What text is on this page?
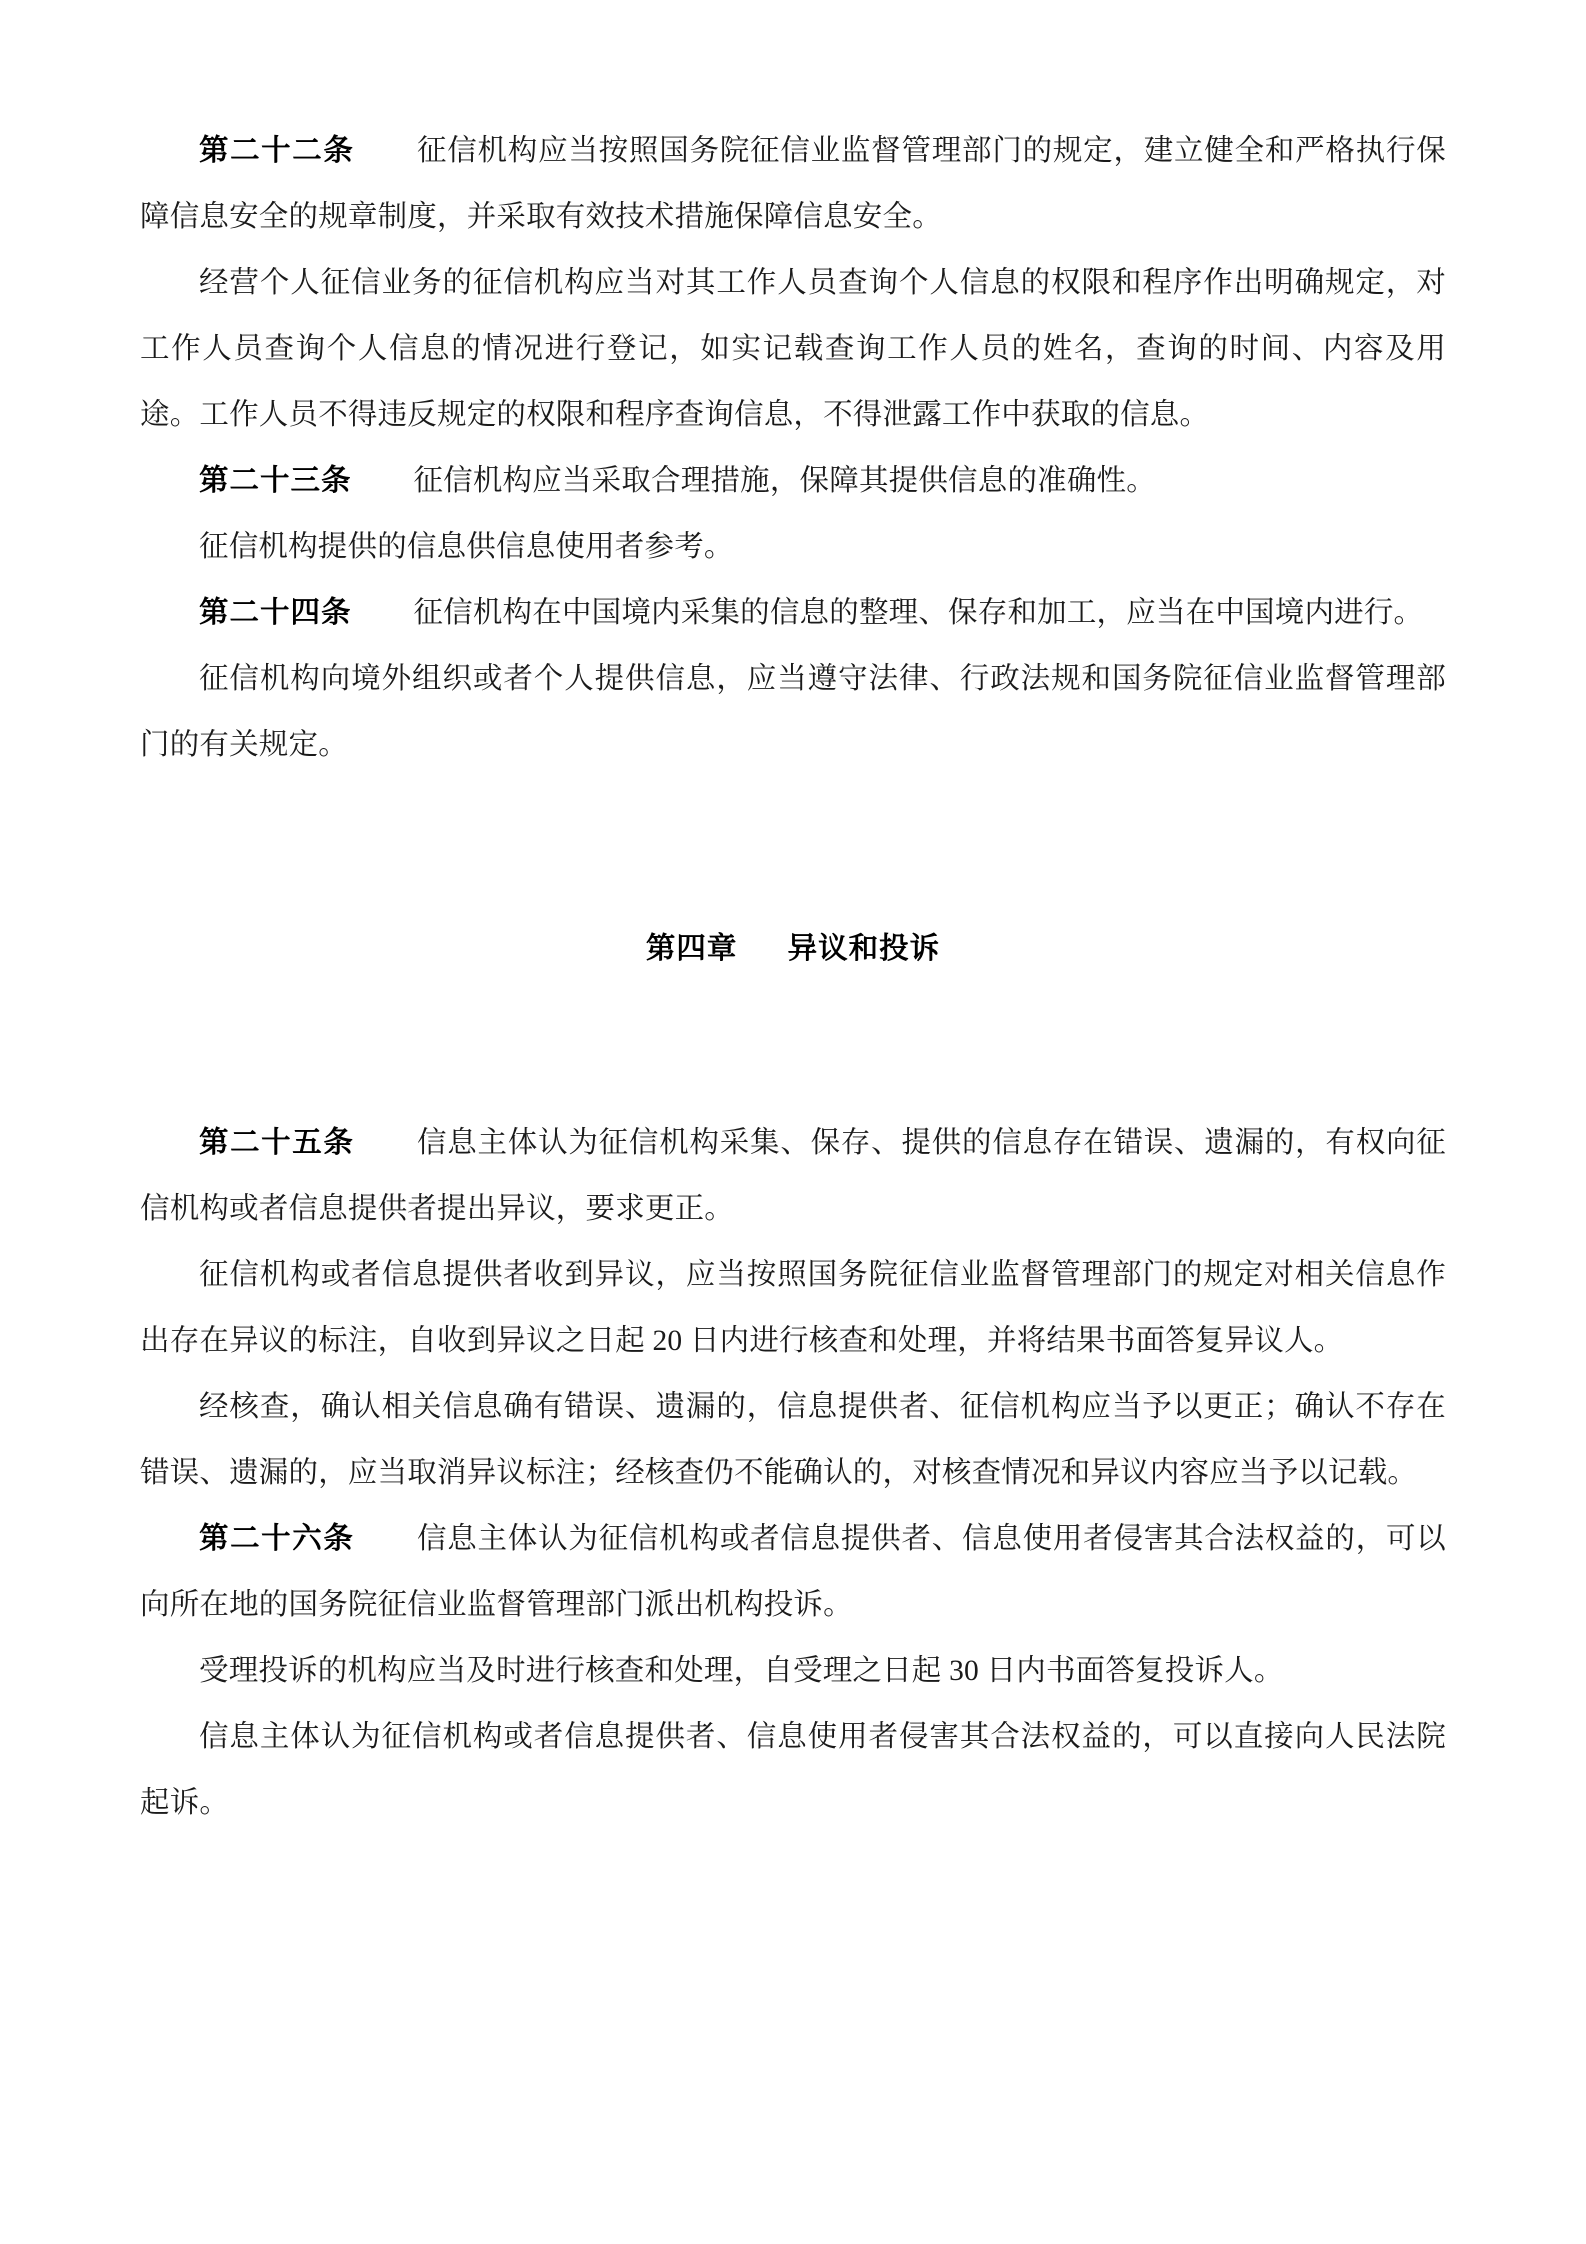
第二十二条 征信机构应当按照国务院征信业监督管理部门的规定，建立健全和严格执行保障信息安全的规章制度，并采取有效技术措施保障信息安全。

经营个人征信业务的征信机构应当对其工作人员查询个人信息的权限和程序作出明确规定，对工作人员查询个人信息的情况进行登记，如实记载查询工作人员的姓名，查询的时间、内容及用途。工作人员不得违反规定的权限和程序查询信息，不得泄露工作中获取的信息。

第二十三条 征信机构应当采取合理措施，保障其提供信息的准确性。

征信机构提供的信息供信息使用者参考。

第二十四条 征信机构在中国境内采集的信息的整理、保存和加工，应当在中国境内进行。

征信机构向境外组织或者个人提供信息，应当遵守法律、行政法规和国务院征信业监督管理部门的有关规定。

第四章 异议和投诉

第二十五条 信息主体认为征信机构采集、保存、提供的信息存在错误、遗漏的，有权向征信机构或者信息提供者提出异议，要求更正。

征信机构或者信息提供者收到异议，应当按照国务院征信业监督管理部门的规定对相关信息作出存在异议的标注，自收到异议之日起 20 日内进行核查和处理，并将结果书面答复异议人。

经核查，确认相关信息确有错误、遗漏的，信息提供者、征信机构应当予以更正；确认不存在错误、遗漏的，应当取消异议标注；经核查仍不能确认的，对核查情况和异议内容应当予以记载。

第二十六条 信息主体认为征信机构或者信息提供者、信息使用者侵害其合法权益的，可以向所在地的国务院征信业监督管理部门派出机构投诉。

受理投诉的机构应当及时进行核查和处理，自受理之日起 30 日内书面答复投诉人。

信息主体认为征信机构或者信息提供者、信息使用者侵害其合法权益的，可以直接向人民法院起诉。
